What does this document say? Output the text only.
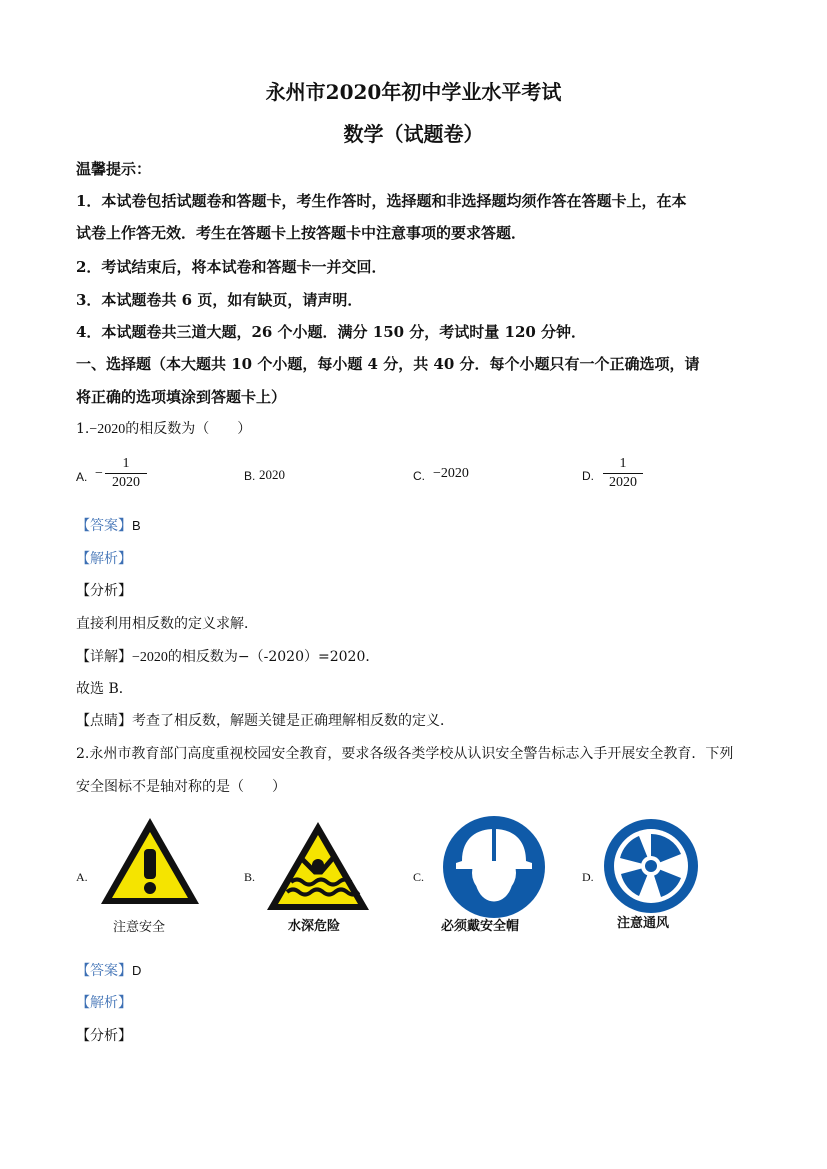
永州市2020年初中学业水平考试
数学（试题卷）
温馨提示：
1．本试卷包括试题卷和答题卡，考生作答时，选择题和非选择题均须作答在答题卡上，在本
试卷上作答无效．考生在答题卡上按答题卡中注意事项的要求答题．
2．考试结束后，将本试卷和答题卡一并交回．
3．本试题卷共 6 页，如有缺页，请声明．
4．本试题卷共三道大题，26 个小题．满分 150 分，考试时量 120 分钟．
一、选择题（本大题共 10 个小题，每小题 4 分，共 40 分．每个小题只有一个正确选项，请
将正确的选项填涂到答题卡上）
1.−2020的相反数为（　　）
A. −
1
2020	B. 2020	C. −2020	D.
1
2020
【答案】B
【解析】
【分析】
直接利用相反数的定义求解．
【详解】−2020的相反数为−（-2020）=2020．
故选 B．
【点睛】考查了相反数，解题关键是正确理解相反数的定义．
2.永州市教育部门高度重视校园安全教育，要求各级各类学校从认识安全警告标志入手开展安全教育．下列
安全图标不是轴对称的是（　　）
A.
注意安全
B.
水深危险
C.
必须戴安全帽
D.
注意通风
【答案】D
【解析】
【分析】
